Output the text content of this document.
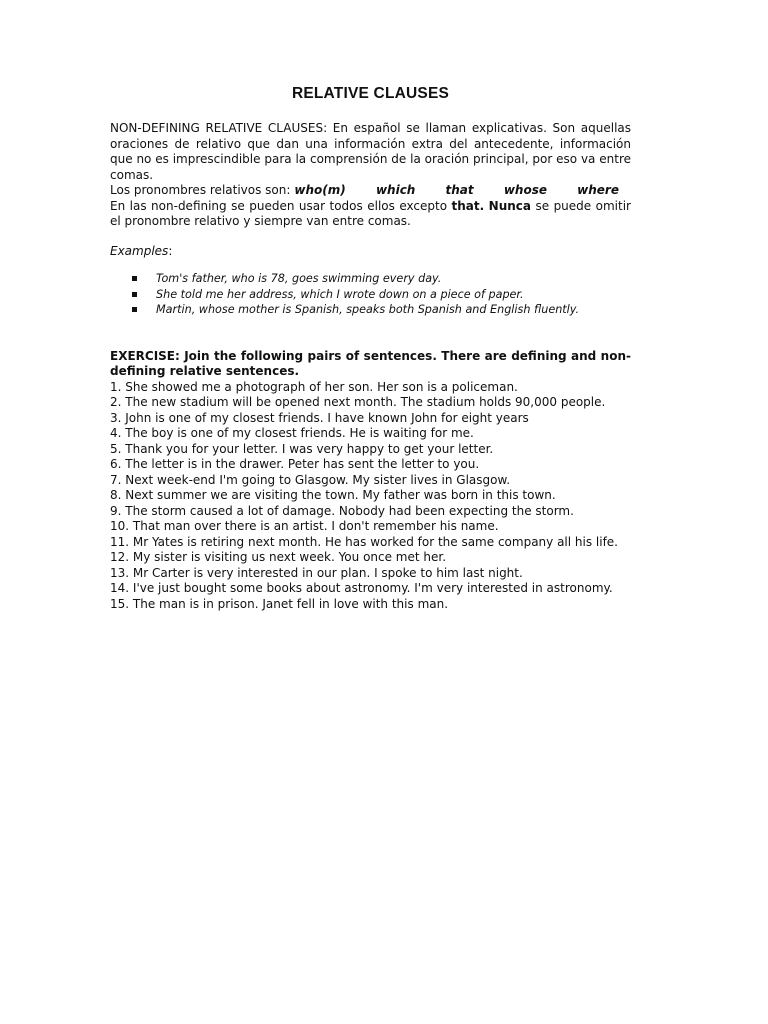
RELATIVE CLAUSES

NON-DEFINING RELATIVE CLAUSES: En español se llaman explicativas. Son aquellas oraciones de relativo que dan una información extra del antecedente, información que no es imprescindible para la comprensión de la oración principal, por eso va entre comas.

Los pronombres relativos son: who(m)	which	that	whose	where

En las non-defining se pueden usar todos ellos excepto that. Nunca se puede omitir el pronombre relativo y siempre van entre comas.

Examples:
Tom's father, who is 78, goes swimming every day.
She told me her address, which I wrote down on a piece of paper.
Martin, whose mother is Spanish, speaks both Spanish and English fluently.

EXERCISE: Join the following pairs of sentences. There are defining and non-defining relative sentences.

1. She showed me a photograph of her son. Her son is a policeman.
2. The new stadium will be opened next month. The stadium holds 90,000 people.
3. John is one of my closest friends. I have known John for eight years
4. The boy is one of my closest friends. He is waiting for me.
5. Thank you for your letter. I was very happy to get your letter.
6. The letter is in the drawer. Peter has sent the letter to you.
7. Next week-end I'm going to Glasgow. My sister lives in Glasgow.
8. Next summer we are visiting the town. My father was born in this town.
9. The storm caused a lot of damage. Nobody had been expecting the storm.
10. That man over there is an artist. I don't remember his name.
11. Mr Yates is retiring next month. He has worked for the same company all his life.
12. My sister is visiting us next week. You once met her.
13. Mr Carter is very interested in our plan. I spoke to him last night.
14. I've just bought some books about astronomy. I'm very interested in astronomy.
15. The man is in prison. Janet fell in love with this man.
